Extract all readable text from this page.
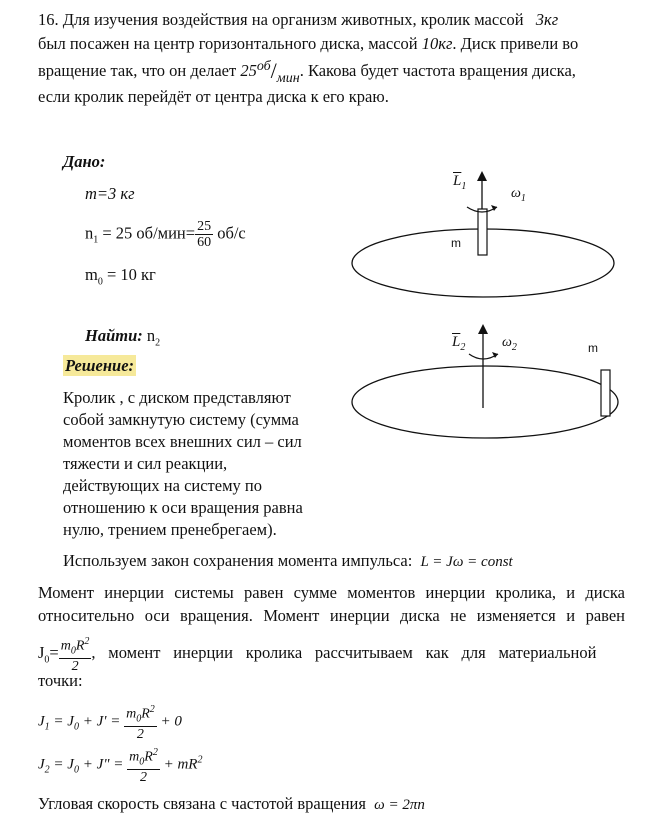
16. Для изучения воздействия на организм животных, кролик массой 3кг
был посажен на центр горизонтального диска, массой 10кг. Диск привели во
вращение так, что он делает $25^{об}/_{мин}$. Какова будет частота вращения диска,
если кролик перейдёт от центра диска к его краю.
Дано:
m=3 кг
$n_1 = 25$ $об/мин= \frac{25}{60} об/с$
$m_0 = 10$ кг
Найти: $n_2$
Решение:
Кролик , с диском представляют
собой замкнутую систему (сумма
моментов всех внешних сил – сил
тяжести и сил реакции,
действующих на систему по
отношению к оси вращения равна
нулю, трением пренебрегаем).
Используем закон сохранения момента импульса: L = Jω = const
Момент инерции системы равен сумме моментов инерции кролика, и диска
относительно оси вращения. Момент инерции диска не изменяется и равен
$J_0= \frac{m_0R^2}{2}$ , момент инерции кролика рассчитываем как для материальной
точки:
$J_1 = J_0 + J' = \frac{m_0R^2}{2} + 0$
$J_2 = J_0 + J$" = $\frac{m_0R^2}{2} + mR^2$
Угловая скорость связана с частотой вращения ω = 2πn
$\overline{L}_1$	$\omega_1$
m
$\overline{L}_2$	$\omega_2$	m
